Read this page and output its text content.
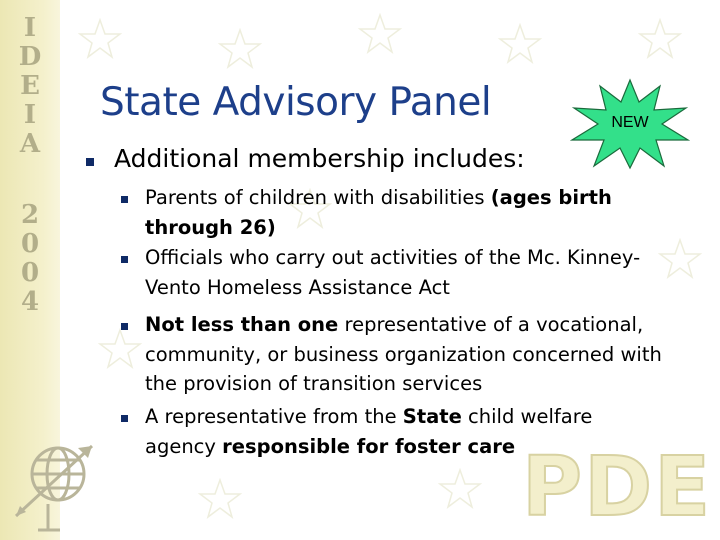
I
D
E
I
A
2
0
0
4
State Advisory Panel	NEW
Additional membership includes:
Parents of children with disabilities (ages birth through 26)
Officials who carry out activities of the Mc. Kinney-Vento Homeless Assistance Act
Not less than one representative of a vocational, community, or business organization concerned with the provision of transition services
A representative from the State child welfare agency responsible for foster care PDE
